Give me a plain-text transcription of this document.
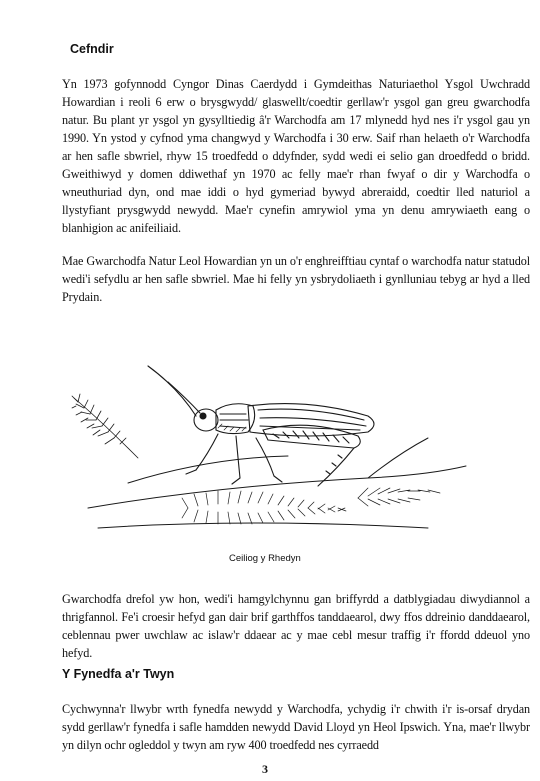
Cefndir

Yn 1973 gofynnodd Cyngor Dinas Caerdydd i Gymdeithas Naturiaethol Ysgol Uwchradd Howardian i reoli 6 erw o brysgwydd/ glaswellt/coedtir gerllaw'r ysgol gan greu gwarchodfa natur. Bu plant yr ysgol yn gysylltiedig â'r Warchodfa am 17 mlynedd hyd nes i'r ysgol gau yn 1990. Yn ystod y cyfnod yma changwyd y Warchodfa i 30 erw. Saif rhan helaeth o'r Warchodfa ar hen safle sbwriel, rhyw 15 troedfedd o ddyfnder, sydd wedi ei selio gan droedfedd o bridd. Gweithiwyd y domen ddiwethaf yn 1970 ac felly mae'r rhan fwyaf o dir y Warchodfa o wneuthuriad dyn, ond mae iddi o hyd gymeriad bywyd abreraidd, coedtir lled naturiol a llystyfiant prysgwydd newydd. Mae'r cynefin amrywiol yma yn denu amrywiaeth eang o blanhigion ac anifeiliaid.

Mae Gwarchodfa Natur Leol Howardian yn un o'r enghreifftiau cyntaf o warchodfa natur statudol wedi'i sefydlu ar hen safle sbwriel. Mae hi felly yn ysbrydoliaeth i gynlluniau tebyg ar hyd a lled Prydain.

Ceiliog y Rhedyn

Gwarchodfa drefol yw hon, wedi'i hamgylchynnu gan briffyrdd a datblygiadau diwydiannol a thrigfannol. Fe'i croesir hefyd gan dair brif garthffos tanddaearol, dwy ffos ddreinio danddaearol, ceblennau pwer uwchlaw ac islaw'r ddaear ac y mae cebl mesur traffig i'r ffordd ddeuol yno hefyd.

Y Fynedfa a'r Twyn

Cychwynna'r llwybr wrth fynedfa newydd y Warchodfa, ychydig i'r chwith i'r is-orsaf drydan sydd gerllaw'r fynedfa i safle hamdden newydd David Lloyd yn Heol Ipswich. Yna, mae'r llwybr yn dilyn ochr ogleddol y twyn am ryw 400 troedfedd nes cyrraedd

3
